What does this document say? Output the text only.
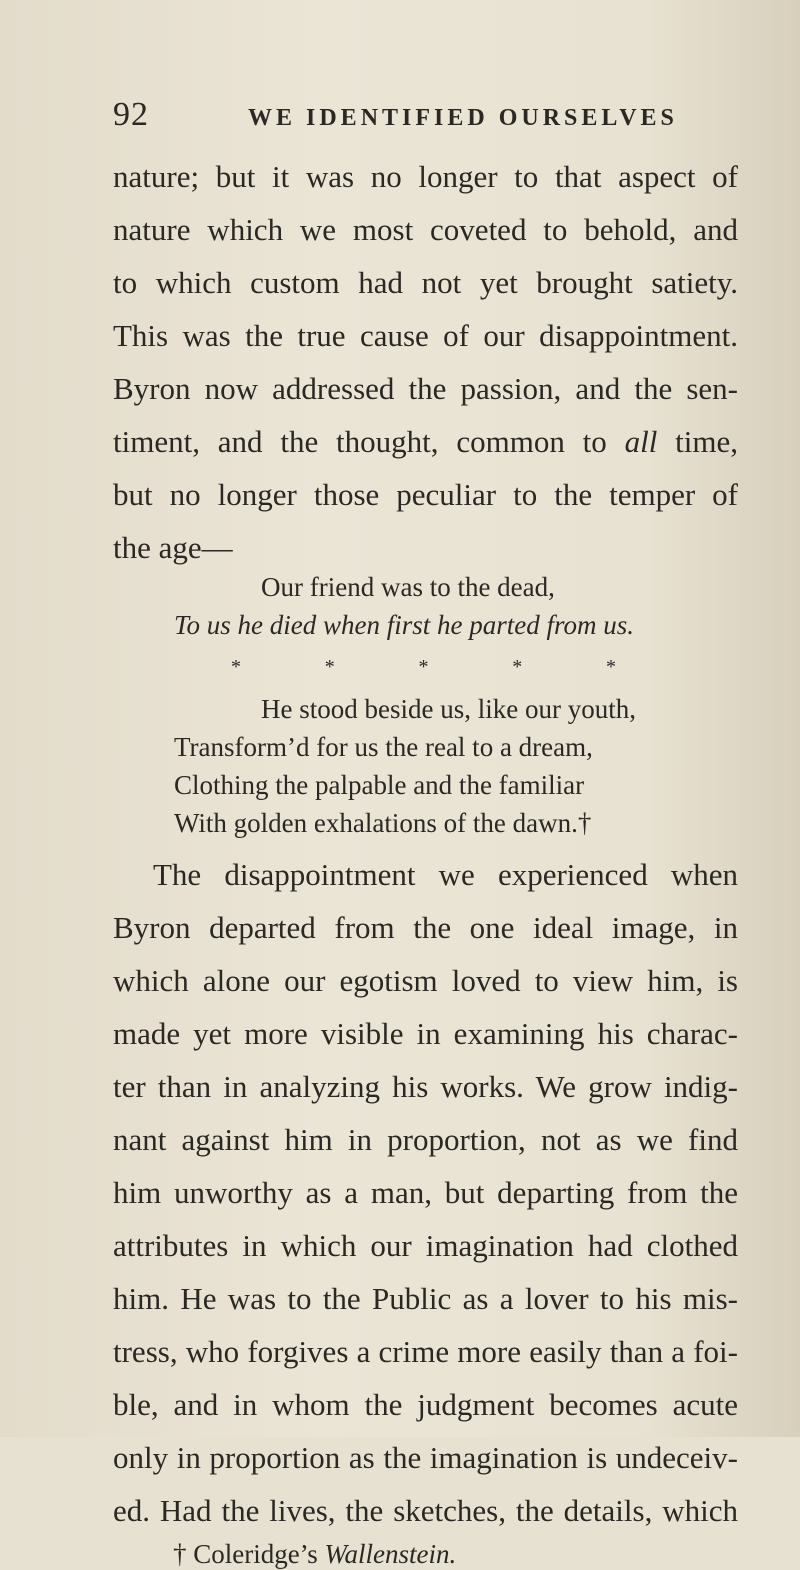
92	WE IDENTIFIED OURSELVES
nature; but it was no longer to that aspect of
nature which we most coveted to behold, and
to which custom had not yet brought satiety.
This was the true cause of our disappointment.
Byron now addressed the passion, and the sen-
timent, and the thought, common to all time,
but no longer those peculiar to the temper of
the age—
Our friend was to the dead,
To us he died when first he parted from us.
*	*	*	*	*
He stood beside us, like our youth,
Transform’d for us the real to a dream,
Clothing the palpable and the familiar
With golden exhalations of the dawn.†
The disappointment we experienced when
Byron departed from the one ideal image, in
which alone our egotism loved to view him, is
made yet more visible in examining his charac-
ter than in analyzing his works. We grow indig-
nant against him in proportion, not as we find
him unworthy as a man, but departing from the
attributes in which our imagination had clothed
him. He was to the Public as a lover to his mis-
tress, who forgives a crime more easily than a foi-
ble, and in whom the judgment becomes acute
only in proportion as the imagination is undeceiv-
ed. Had the lives, the sketches, the details, which
† Coleridge’s Wallenstein.
